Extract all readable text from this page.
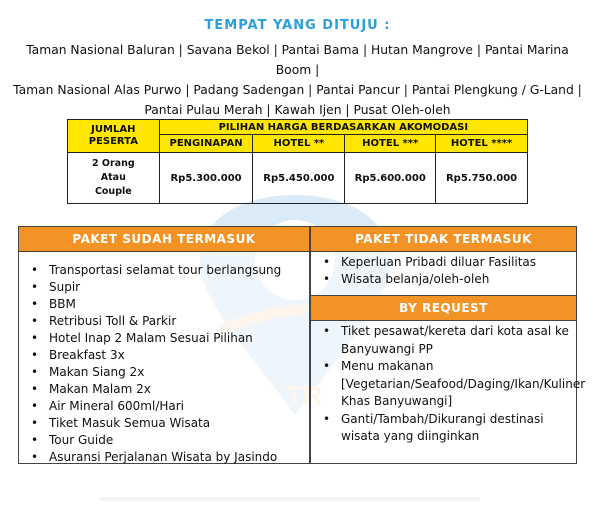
TEMPAT YANG DITUJU :
Taman Nasional Baluran | Savana Bekol | Pantai Bama | Hutan Mangrove | Pantai Marina Boom |
Taman Nasional Alas Purwo | Padang Sadengan | Pantai Pancur | Pantai Plengkung / G-Land |
Pantai Pulau Merah | Kawah Ijen | Pusat Oleh-oleh
JUMLAH
PESERTA	PILIHAN HARGA BERDASARKAN AKOMODASI			
	PENGINAPAN	HOTEL **	HOTEL ***	HOTEL ****

2 Orang
Atau
Couple	Rp5.300.000	Rp5.450.000	Rp5.600.000	Rp5.750.000
PAKET SUDAH TERMASUK
• Transportasi selamat tour berlangsung
• Supir
• BBM
• Retribusi Toll & Parkir
• Hotel Inap 2 Malam Sesuai Pilihan
• Breakfast 3x
• Makan Siang 2x
• Makan Malam 2x
• Air Mineral 600ml/Hari
• Tiket Masuk Semua Wisata
• Tour Guide
• Asuransi Perjalanan Wisata by Jasindo
PAKET TIDAK TERMASUK
• Keperluan Pribadi diluar Fasilitas
• Wisata belanja/oleh-oleh
BY REQUEST
• Tiket pesawat/kereta dari kota asal ke Banyuwangi PP
• Menu makanan [Vegetarian/Seafood/Daging/Ikan/Kuliner Khas Banyuwangi]
• Ganti/Tambah/Dikurangi destinasi wisata yang diinginkan
